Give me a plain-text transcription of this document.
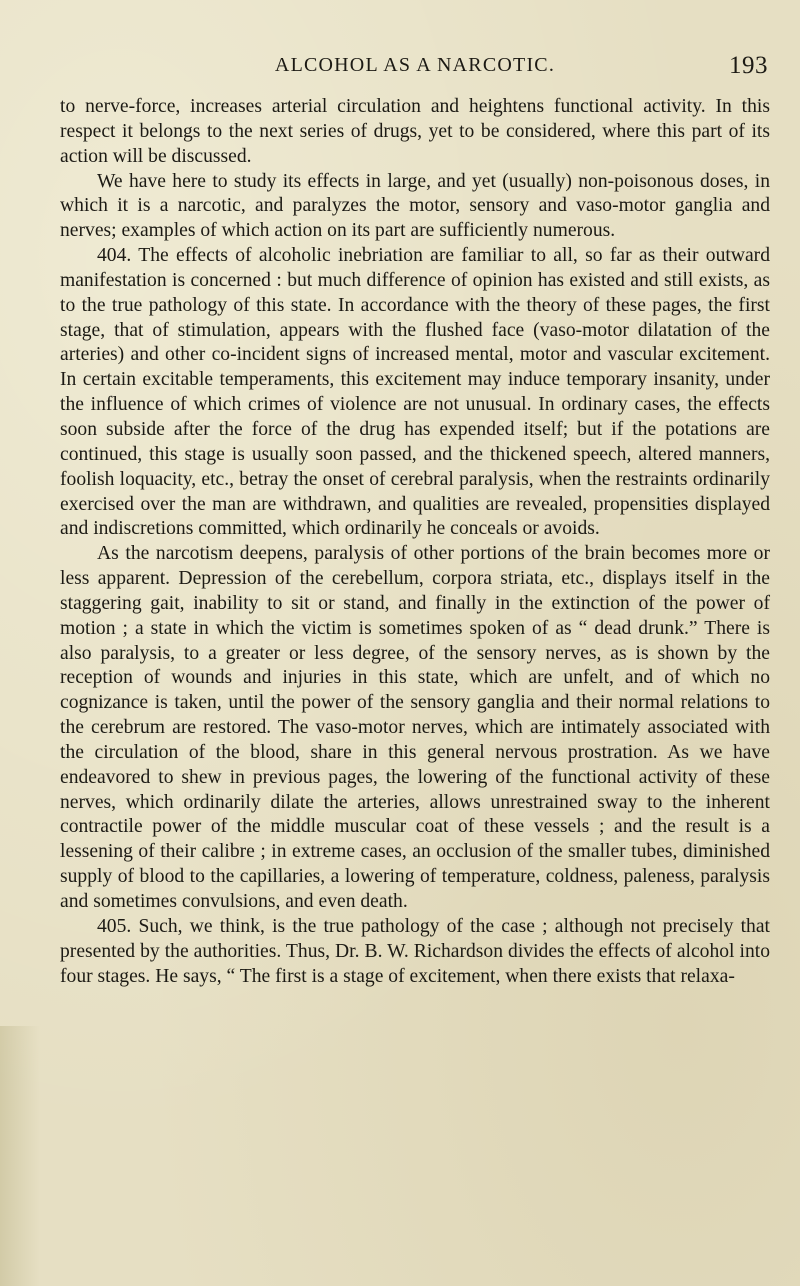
ALCOHOL AS A NARCOTIC.	193

to nerve-force, increases arterial circulation and heightens functional activity. In this respect it belongs to the next series of drugs, yet to be considered, where this part of its action will be discussed.

We have here to study its effects in large, and yet (usually) non-poisonous doses, in which it is a narcotic, and paralyzes the motor, sensory and vaso-motor ganglia and nerves; examples of which action on its part are sufficiently numerous.

404. The effects of alcoholic inebriation are familiar to all, so far as their outward manifestation is concerned : but much difference of opinion has existed and still exists, as to the true pathology of this state. In accordance with the theory of these pages, the first stage, that of stimulation, appears with the flushed face (vaso-motor dilatation of the arteries) and other co-incident signs of increased mental, motor and vascular excitement. In certain excitable temperaments, this excitement may induce temporary insanity, under the influence of which crimes of violence are not unusual. In ordinary cases, the effects soon subside after the force of the drug has expended itself; but if the potations are continued, this stage is usually soon passed, and the thickened speech, altered manners, foolish loquacity, etc., betray the onset of cerebral paralysis, when the restraints ordinarily exercised over the man are withdrawn, and qualities are revealed, propensities displayed and indiscretions committed, which ordinarily he conceals or avoids.

As the narcotism deepens, paralysis of other portions of the brain becomes more or less apparent. Depression of the cerebellum, corpora striata, etc., displays itself in the staggering gait, inability to sit or stand, and finally in the extinction of the power of motion ; a state in which the victim is sometimes spoken of as “ dead drunk.” There is also paralysis, to a greater or less degree, of the sensory nerves, as is shown by the reception of wounds and injuries in this state, which are unfelt, and of which no cognizance is taken, until the power of the sensory ganglia and their normal relations to the cerebrum are restored. The vaso-motor nerves, which are intimately associated with the circulation of the blood, share in this general nervous prostration. As we have endeavored to shew in previous pages, the lowering of the functional activity of these nerves, which ordinarily dilate the arteries, allows unrestrained sway to the inherent contractile power of the middle muscular coat of these vessels ; and the result is a lessening of their calibre ; in extreme cases, an occlusion of the smaller tubes, diminished supply of blood to the capillaries, a lowering of temperature, coldness, paleness, paralysis and sometimes convulsions, and even death.

405. Such, we think, is the true pathology of the case ; although not precisely that presented by the authorities. Thus, Dr. B. W. Richardson divides the effects of alcohol into four stages. He says, “ The first is a stage of excitement, when there exists that relaxa-
